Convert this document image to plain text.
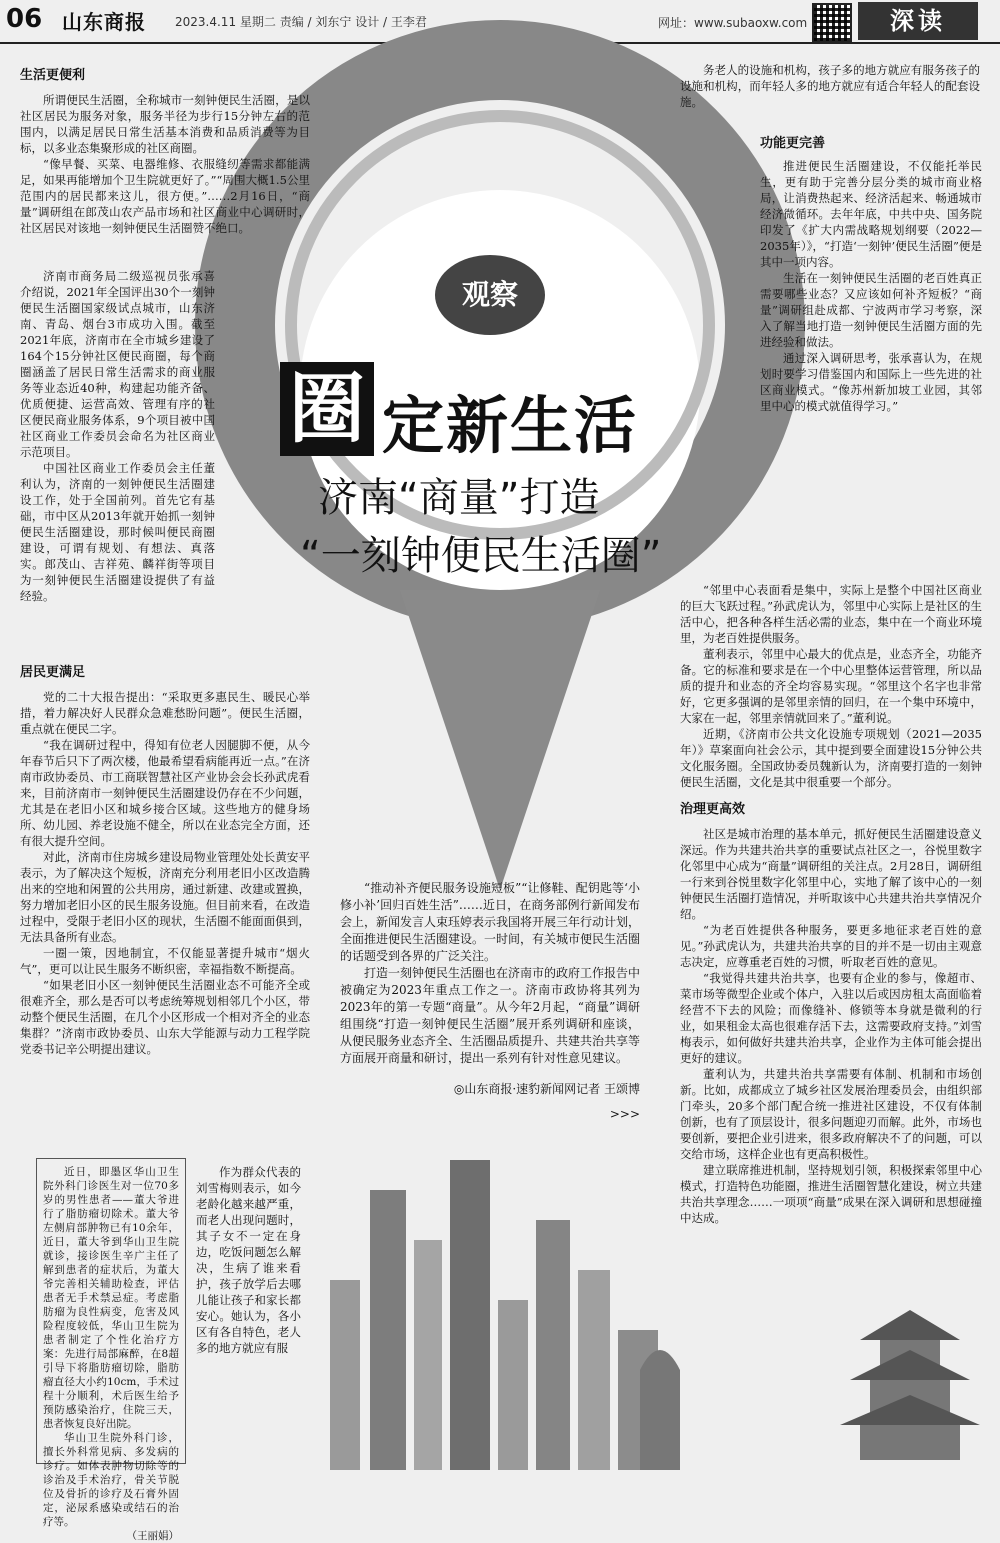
06 山东商报 2023.4.11 星期二 责编 / 刘东宁 设计 / 王李君	网址：www.subaoxw.com	深读
观察
圈 定新生活
济南“商量”打造
“一刻钟便民生活圈”
生活更便利

所谓便民生活圈，全称城市一刻钟便民生活圈，是以社区居民为服务对象，服务半径为步行15分钟左右的范围内，以满足居民日常生活基本消费和品质消费等为目标，以多业态集聚形成的社区商圈。

“像早餐、买菜、电器维修、衣服缝纫等需求都能满足，如果再能增加个卫生院就更好了。”“周围大概1.5公里范围内的居民都来这儿，很方便。”……2月16日，“商量”调研组在郎茂山农产品市场和社区商业中心调研时，社区居民对该地一刻钟便民生活圈赞不绝口。

济南市商务局二级巡视员张承喜介绍说，2021年全国评出30个一刻钟便民生活圈国家级试点城市，山东济南、青岛、烟台3市成功入围。截至2021年底，济南市在全市城乡建设了164个15分钟社区便民商圈，每个商圈涵盖了居民日常生活需求的商业服务等业态近40种，构建起功能齐备、优质便捷、运营高效、管理有序的社区便民商业服务体系，9个项目被中国社区商业工作委员会命名为社区商业示范项目。

中国社区商业工作委员会主任董利认为，济南的一刻钟便民生活圈建设工作，处于全国前列。首先它有基础，市中区从2013年就开始抓一刻钟便民生活圈建设，那时候叫便民商圈建设，可谓有规划、有想法、真落实。郎茂山、吉祥苑、麟祥街等项目为一刻钟便民生活圈建设提供了有益经验。

居民更满足

党的二十大报告提出：“采取更多惠民生、暖民心举措，着力解决好人民群众急难愁盼问题”。便民生活圈，重点就在便民二字。

“我在调研过程中，得知有位老人因腿脚不便，从今年春节后只下了两次楼，他最希望看病能再近一点。”在济南市政协委员、市工商联智慧社区产业协会会长孙武虎看来，目前济南市一刻钟便民生活圈建设仍存在不少问题，尤其是在老旧小区和城乡接合区域。这些地方的健身场所、幼儿园、养老设施不健全，所以在业态完全方面，还有很大提升空间。

对此，济南市住房城乡建设局物业管理处处长黄安平表示，为了解决这个短板，济南充分利用老旧小区改造腾出来的空地和闲置的公共用房，通过新建、改建或置换，努力增加老旧小区的民生服务设施。但目前来看，在改造过程中，受限于老旧小区的现状，生活圈不能面面俱到，无法具备所有业态。

一圈一策，因地制宜，不仅能显著提升城市“烟火气”，更可以让民生服务不断织密，幸福指数不断提高。

“如果老旧小区一刻钟便民生活圈业态不可能齐全或很难齐全，那么是否可以考虑统筹规划相邻几个小区，带动整个便民生活圈，在几个小区形成一个相对齐全的业态集群？”济南市政协委员、山东大学能源与动力工程学院党委书记辛公明提出建议。

作为群众代表的刘雪梅则表示，如今老龄化越来越严重，而老人出现问题时，其子女不一定在身边，吃饭问题怎么解决，生病了谁来看护，孩子放学后去哪儿能让孩子和家长都安心。她认为，各小区有各自特色，老人多的地方就应有服

近日，即墨区华山卫生院外科门诊医生对一位70多岁的男性患者——董大爷进行了脂肪瘤切除术。董大爷左侧肩部肿物已有10余年，近日，董大爷到华山卫生院就诊，接诊医生辛广主任了解到患者的症状后，为董大爷完善相关辅助检查，评估患者无手术禁忌症。考虑脂肪瘤为良性病变，危害及风险程度较低，华山卫生院为患者制定了个性化治疗方案：先进行局部麻醉，在8超引导下将脂肪瘤切除，脂肪瘤直径大小约10cm，手术过程十分顺利，术后医生给予预防感染治疗，住院三天，患者恢复良好出院。

华山卫生院外科门诊，擅长外科常见病、多发病的诊疗。如体表肿物切除等的诊治及手术治疗，骨关节脱位及骨折的诊疗及石膏外固定，泌尿系感染或结石的治疗等。

（王丽娟）

“推动补齐便民服务设施短板”“让修鞋、配钥匙等‘小修小补’回归百姓生活”……近日，在商务部例行新闻发布会上，新闻发言人束珏婷表示我国将开展三年行动计划，全面推进便民生活圈建设。一时间，有关城市便民生活圈的话题受到各界的广泛关注。

打造一刻钟便民生活圈也在济南市的政府工作报告中被确定为2023年重点工作之一。济南市政协将其列为2023年的第一专题“商量”。从今年2月起，“商量”调研组围绕“打造一刻钟便民生活圈”展开系列调研和座谈，从便民服务业态齐全、生活圈品质提升、共建共治共享等方面展开商量和研讨，提出一系列有针对性意见建议。

◎山东商报·速豹新闻网记者 王颂博
>>>

务老人的设施和机构，孩子多的地方就应有服务孩子的设施和机构，而年轻人多的地方就应有适合年轻人的配套设施。

功能更完善

推进便民生活圈建设，不仅能托举民生，更有助于完善分层分类的城市商业格局，让消费热起来、经济活起来、畅通城市经济微循环。去年年底，中共中央、国务院印发了《扩大内需战略规划纲要（2022—2035年）》，“打造‘一刻钟’便民生活圈”便是其中一项内容。

生活在一刻钟便民生活圈的老百姓真正需要哪些业态？又应该如何补齐短板？“商量”调研组赴成都、宁波两市学习考察，深入了解当地打造一刻钟便民生活圈方面的先进经验和做法。

通过深入调研思考，张承喜认为，在规划时要学习借鉴国内和国际上一些先进的社区商业模式。“像苏州新加坡工业园，其邻里中心的模式就值得学习。”

“邻里中心表面看是集中，实际上是整个中国社区商业的巨大飞跃过程。”孙武虎认为，邻里中心实际上是社区的生活中心，把各种各样生活必需的业态，集中在一个商业环境里，为老百姓提供服务。

董利表示，邻里中心最大的优点是，业态齐全，功能齐备。它的标准和要求是在一个中心里整体运营管理，所以品质的提升和业态的齐全均容易实现。“邻里这个名字也非常好，它更多强调的是邻里亲情的回归，在一个集中环境中，大家在一起，邻里亲情就回来了。”董利说。

近期，《济南市公共文化设施专项规划（2021—2035年）》草案面向社会公示，其中提到要全面建设15分钟公共文化服务圈。全国政协委员魏新认为，济南要打造的一刻钟便民生活圈，文化是其中很重要一个部分。

治理更高效

社区是城市治理的基本单元，抓好便民生活圈建设意义深远。作为共建共治共享的重要试点社区之一，谷悦里数字化邻里中心成为“商量”调研组的关注点。2月28日，调研组一行来到谷悦里数字化邻里中心，实地了解了该中心的一刻钟便民生活圈打造情况，并听取该中心共建共治共享情况介绍。

“为老百姓提供各种服务，要更多地征求老百姓的意见。”孙武虎认为，共建共治共享的目的并不是一切由主观意志决定，应尊重老百姓的习惯，听取老百姓的意见。

“我觉得共建共治共享，也要有企业的参与，像超市、菜市场等微型企业或个体户，入驻以后或因房租太高面临着经营不下去的风险；而像缝补、修锁等本身就是微利的行业，如果租金太高也很难存活下去，这需要政府支持。”刘雪梅表示，如何做好共建共治共享，企业作为主体可能会提出更好的建议。

董利认为，共建共治共享需要有体制、机制和市场创新。比如，成都成立了城乡社区发展治理委员会，由组织部门牵头，20多个部门配合统一推进社区建设，不仅有体制创新，也有了顶层设计，很多问题迎刃而解。此外，市场也要创新，要把企业引进来，很多政府解决不了的问题，可以交给市场，这样企业也有更高积极性。

建立联席推进机制，坚持规划引领，积极探索邻里中心模式，打造特色功能圈，推进生活圈智慧化建设，树立共建共治共享理念……一项项“商量”成果在深入调研和思想碰撞中达成。
